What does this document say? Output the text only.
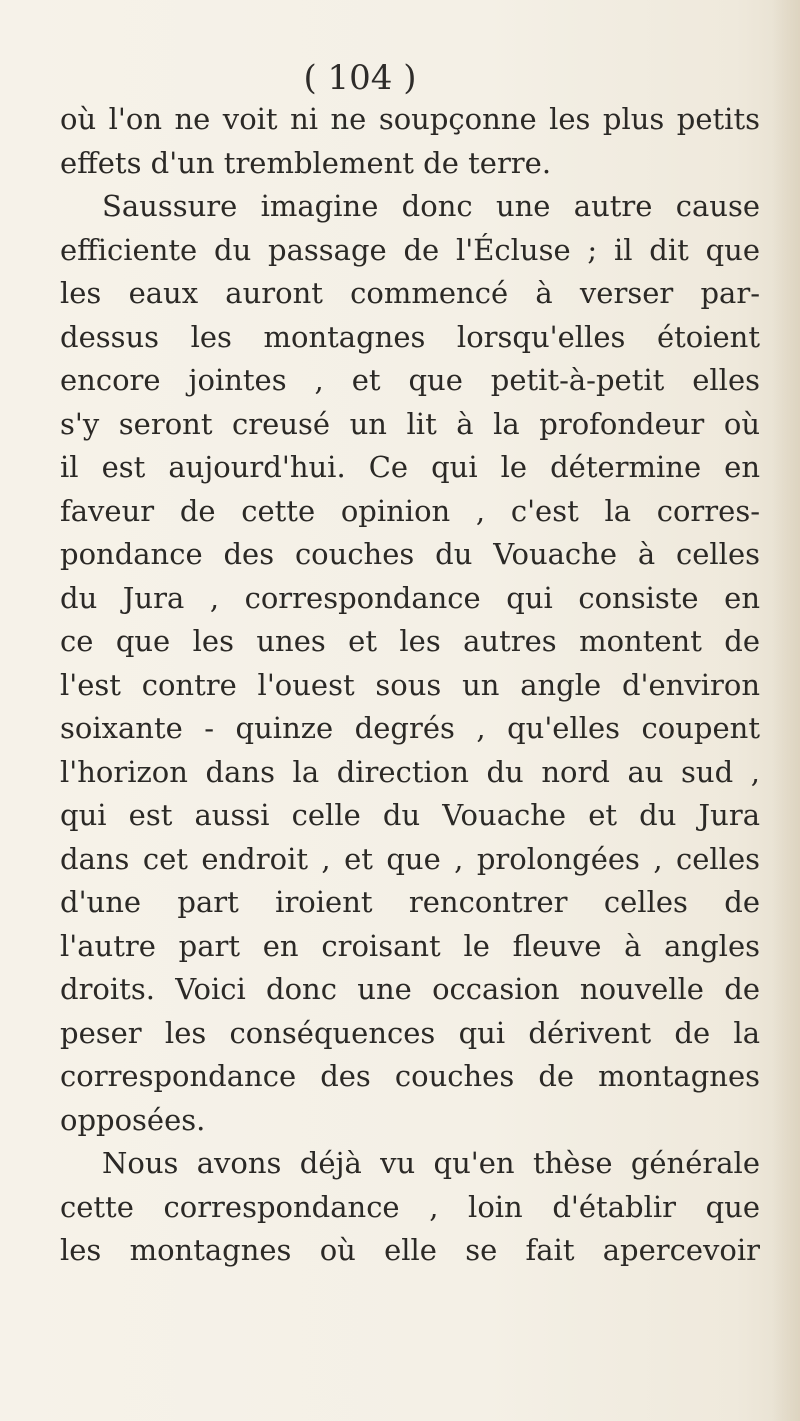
( 104 )
où l'on ne voit ni ne soupçonne les plus petits
effets d'un tremblement de terre.
Saussure imagine donc une autre cause
efficiente du passage de l'Écluse ; il dit que
les eaux auront commencé à verser par-
dessus les montagnes lorsqu'elles étoient
encore jointes , et que petit-à-petit elles
s'y seront creusé un lit à la profondeur où
il est aujourd'hui. Ce qui le détermine en
faveur de cette opinion , c'est la corres-
pondance des couches du Vouache à celles
du Jura , correspondance qui consiste en
ce que les unes et les autres montent de
l'est contre l'ouest sous un angle d'environ
soixante - quinze degrés , qu'elles coupent
l'horizon dans la direction du nord au sud ,
qui est aussi celle du Vouache et du Jura
dans cet endroit , et que , prolongées , celles
d'une part iroient rencontrer celles de
l'autre part en croisant le fleuve à angles
droits. Voici donc une occasion nouvelle de
peser les conséquences qui dérivent de la
correspondance des couches de montagnes
opposées.
Nous avons déjà vu qu'en thèse générale
cette correspondance , loin d'établir que
les montagnes où elle se fait apercevoir
